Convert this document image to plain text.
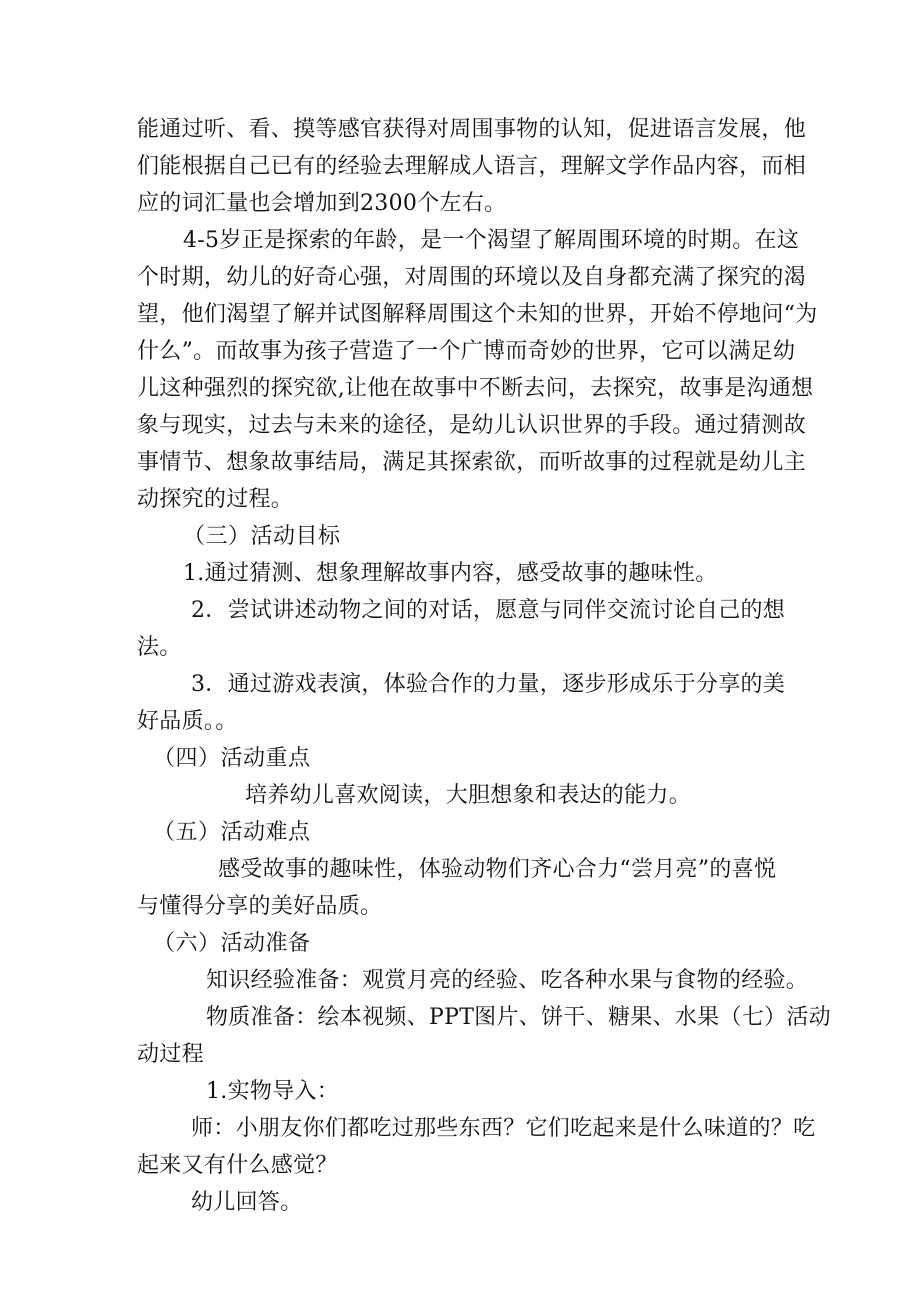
能通过听、看、摸等感官获得对周围事物的认知，促进语言发展，他

们能根据自己已有的经验去理解成人语言，理解文学作品内容，而相

应的词汇量也会增加到2300个左右。

4-5岁正是探索的年龄，是一个渴望了解周围环境的时期。在这

个时期，幼儿的好奇心强，对周围的环境以及自身都充满了探究的渴

望，他们渴望了解并试图解释周围这个未知的世界，开始不停地问“为

什么”。而故事为孩子营造了一个广博而奇妙的世界，它可以满足幼

儿这种强烈的探究欲,让他在故事中不断去问，去探究，故事是沟通想

象与现实，过去与未来的途径，是幼儿认识世界的手段。通过猜测故

事情节、想象故事结局，满足其探索欲，而听故事的过程就是幼儿主

动探究的过程。

（三）活动目标

1.通过猜测、想象理解故事内容，感受故事的趣味性。

2．尝试讲述动物之间的对话，愿意与同伴交流讨论自己的想

法。

3．通过游戏表演，体验合作的力量，逐步形成乐于分享的美

好品质。。

（四）活动重点

培养幼儿喜欢阅读，大胆想象和表达的能力。

（五）活动难点

感受故事的趣味性，体验动物们齐心合力“尝月亮”的喜悦

与懂得分享的美好品质。

（六）活动准备

知识经验准备：观赏月亮的经验、吃各种水果与食物的经验。

物质准备：绘本视频、PPT图片、饼干、糖果、水果（七）活动

动过程

1.实物导入：

师：小朋友你们都吃过那些东西？它们吃起来是什么味道的？吃

起来又有什么感觉？

幼儿回答。
